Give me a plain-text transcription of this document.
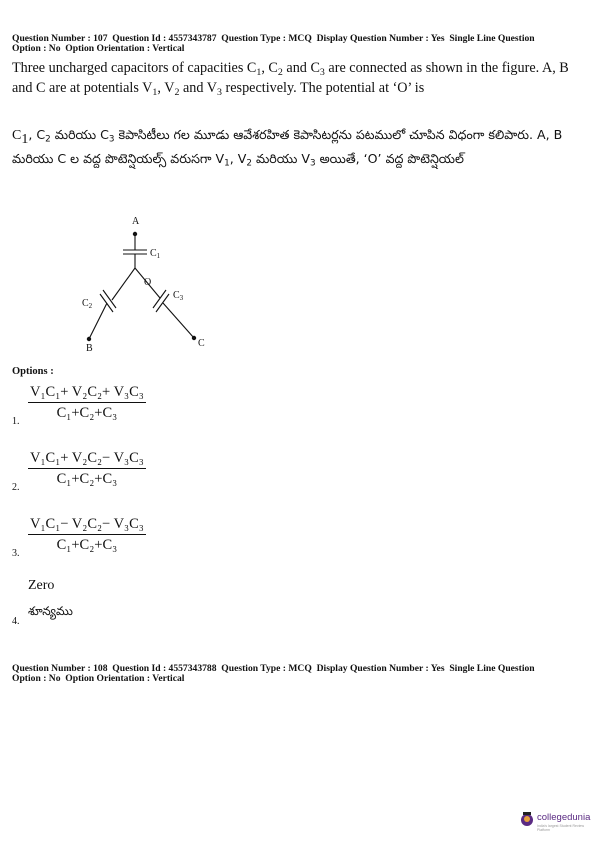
Question Number : 107  Question Id : 4557343787  Question Type : MCQ  Display Question Number : Yes  Single Line Question
Option : No  Option Orientation : Vertical
Three uncharged capacitors of capacities $C_1$, $C_2$ and $C_3$ are connected as shown in the figure. A, B and C are at potentials $V_1$, $V_2$ and $V_3$ respectively. The potential at ‘O’ is
$C_1$, $C_2$ మరియు $C_3$ కెపాసిటీలు గల మూడు ఆవేశరహిత కెపాసిటర్లను పటములో చూపిన విధంగా కలిపారు. A, B మరియు C ల వద్ద పొటెన్షియల్స్ వరుసగా $V_1$, $V_2$ మరియు $V_3$ అయితే, ‘O’ వద్ద పొటెన్షియల్
A
B	C
O
$C_1$
$C_2$
$C_3$
Options :
$\frac{\text{V₁C₁+ V₂C₂+ V₃C₃}}{\text{C₁+C₂+C₃}}$
1.
$\frac{\text{V₁C₁+ V₂C₂− V₃C₃}}{\text{C₁+C₂+C₃}}$
2.
$\frac{\text{V₁C₁− V₂C₂− V₃C₃}}{\text{C₁+C₂+C₃}}$
3.
Zero
శూన్యము
4.
Question Number : 108  Question Id : 4557343788  Question Type : MCQ  Display Question Number : Yes  Single Line Question
Option : No  Option Orientation : Vertical
collegedunia
India's largest Student Review Platform
